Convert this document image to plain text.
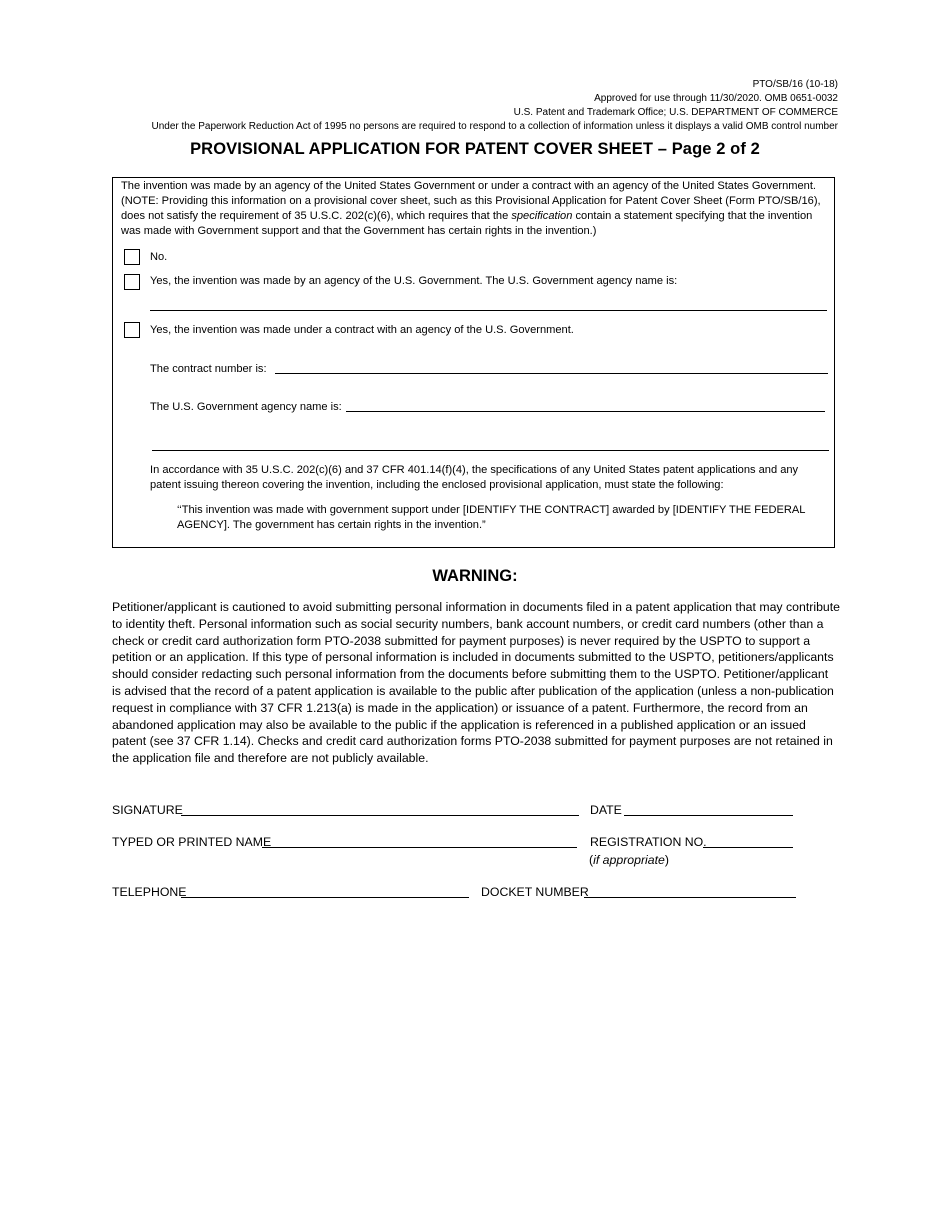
PTO/SB/16 (10-18)
Approved for use through 11/30/2020. OMB 0651-0032
U.S. Patent and Trademark Office; U.S. DEPARTMENT OF COMMERCE
Under the Paperwork Reduction Act of 1995 no persons are required to respond to a collection of information unless it displays a valid OMB control number
PROVISIONAL APPLICATION FOR PATENT COVER SHEET – Page 2 of 2
The invention was made by an agency of the United States Government or under a contract with an agency of the United States Government. (NOTE: Providing this information on a provisional cover sheet, such as this Provisional Application for Patent Cover Sheet (Form PTO/SB/16), does not satisfy the requirement of 35 U.S.C. 202(c)(6), which requires that the specification contain a statement specifying that the invention was made with Government support and that the Government has certain rights in the invention.)
No.
Yes, the invention was made by an agency of the U.S. Government. The U.S. Government agency name is:
Yes, the invention was made under a contract with an agency of the U.S. Government.
The contract number is:
The U.S. Government agency name is:
In accordance with 35 U.S.C. 202(c)(6) and 37 CFR 401.14(f)(4), the specifications of any United States patent applications and any patent issuing thereon covering the invention, including the enclosed provisional application, must state the following:
‘‘This invention was made with government support under [IDENTIFY THE CONTRACT] awarded by [IDENTIFY THE FEDERAL AGENCY]. The government has certain rights in the invention.”
WARNING:
Petitioner/applicant is cautioned to avoid submitting personal information in documents filed in a patent application that may contribute to identity theft. Personal information such as social security numbers, bank account numbers, or credit card numbers (other than a check or credit card authorization form PTO-2038 submitted for payment purposes) is never required by the USPTO to support a petition or an application. If this type of personal information is included in documents submitted to the USPTO, petitioners/applicants should consider redacting such personal information from the documents before submitting them to the USPTO. Petitioner/applicant is advised that the record of a patent application is available to the public after publication of the application (unless a non-publication request in compliance with 37 CFR 1.213(a) is made in the application) or issuance of a patent. Furthermore, the record from an abandoned application may also be available to the public if the application is referenced in a published application or an issued patent (see 37 CFR 1.14). Checks and credit card authorization forms PTO-2038 submitted for payment purposes are not retained in the application file and therefore are not publicly available.
SIGNATURE	DATE
TYPED OR PRINTED NAME	REGISTRATION NO.
(if appropriate)
TELEPHONE	DOCKET NUMBER
